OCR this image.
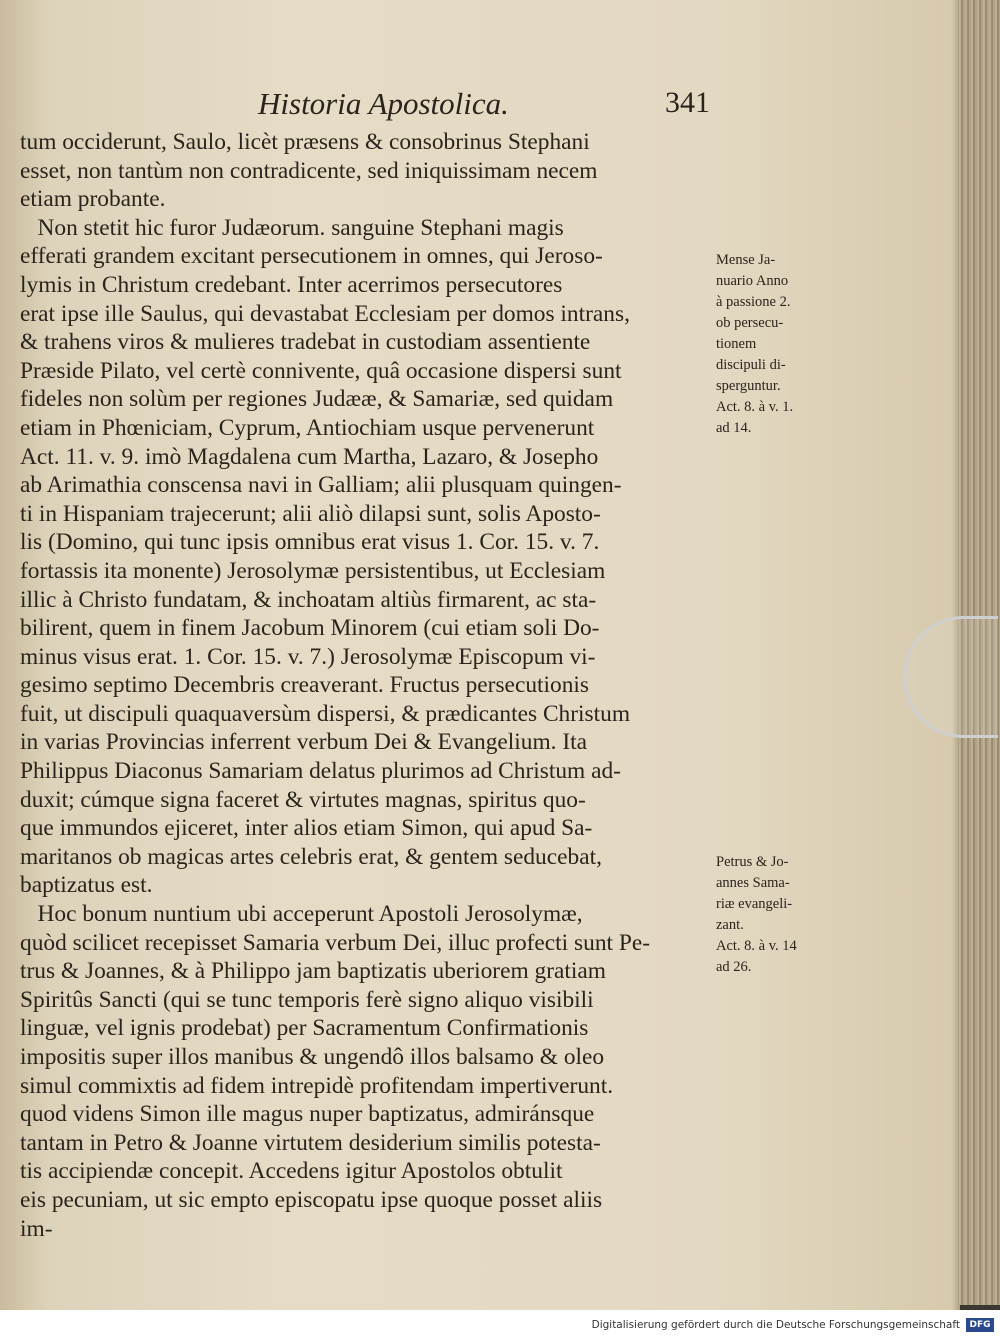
Historia Apostolica.	341
tum occiderunt, Saulo, licèt præsens & consobrinus Stephani
esset, non tantùm non contradicente, sed iniquissimam necem
etiam probante.
Non stetit hic furor Judæorum. sanguine Stephani magis
efferati grandem excitant persecutionem in omnes, qui Jeroso-
lymis in Christum credebant. Inter acerrimos persecutores
erat ipse ille Saulus, qui devastabat Ecclesiam per domos intrans,
& trahens viros & mulieres tradebat in custodiam assentiente
Præside Pilato, vel certè connivente, quâ occasione dispersi sunt
fideles non solùm per regiones Judææ, & Samariæ, sed quidam
etiam in Phœniciam, Cyprum, Antiochiam usque pervenerunt
Act. 11. v. 9. imò Magdalena cum Martha, Lazaro, & Josepho
ab Arimathia conscensa navi in Galliam; alii plusquam quingen-
ti in Hispaniam trajecerunt; alii aliò dilapsi sunt, solis Aposto-
lis (Domino, qui tunc ipsis omnibus erat visus 1. Cor. 15. v. 7.
fortassis ita monente) Jerosolymæ persistentibus, ut Ecclesiam
illic à Christo fundatam, & inchoatam altiùs firmarent, ac sta-
bilirent, quem in finem Jacobum Minorem (cui etiam soli Do-
minus visus erat. 1. Cor. 15. v. 7.) Jerosolymæ Episcopum vi-
gesimo septimo Decembris creaverant. Fructus persecutionis
fuit, ut discipuli quaquaversùm dispersi, & prædicantes Christum
in varias Provincias inferrent verbum Dei & Evangelium. Ita
Philippus Diaconus Samariam delatus plurimos ad Christum ad-
duxit; cúmque signa faceret & virtutes magnas, spiritus quo-
que immundos ejiceret, inter alios etiam Simon, qui apud Sa-
maritanos ob magicas artes celebris erat, & gentem seducebat,
baptizatus est.
Hoc bonum nuntium ubi acceperunt Apostoli Jerosolymæ,
quòd scilicet recepisset Samaria verbum Dei, illuc profecti sunt Pe-
trus & Joannes, & à Philippo jam baptizatis uberiorem gratiam
Spiritûs Sancti (qui se tunc temporis ferè signo aliquo visibili
linguæ, vel ignis prodebat) per Sacramentum Confirmationis
impositis super illos manibus & ungendô illos balsamo & oleo
simul commixtis ad fidem intrepidè profitendam impertiverunt.
quod videns Simon ille magus nuper baptizatus, admiránsque
tantam in Petro & Joanne virtutem desiderium similis potesta-
tis accipiendæ concepit. Accedens igitur Apostolos obtulit
eis pecuniam, ut sic empto episcopatu ipse quoque posset aliis
im-
Mense Ja-
nuario Anno
à passione 2.
ob persecu-
tionem
discipuli di-
sperguntur.
Act. 8. à v. 1.
ad 14.
Petrus & Jo-
annes Sama-
riæ evangeli-
zant.
Act. 8. à v. 14
ad 26.
Digitalisierung gefördert durch die Deutsche Forschungsgemeinschaft	DFG
